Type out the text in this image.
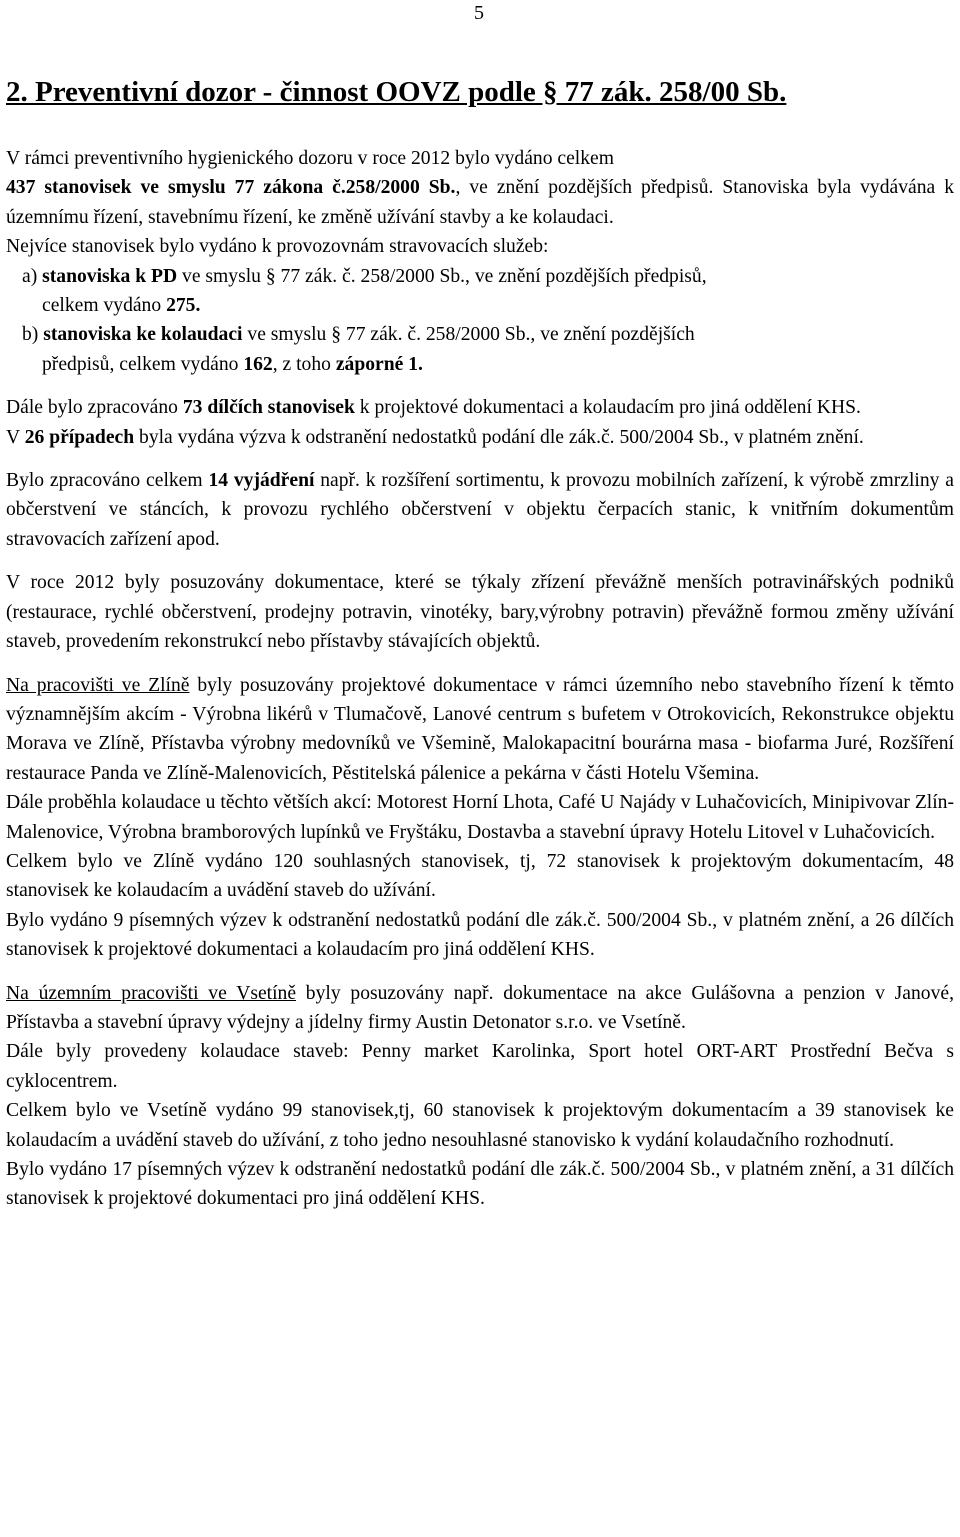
5
2. Preventivní dozor - činnost OOVZ podle § 77 zák. 258/00 Sb.

V rámci preventivního hygienického dozoru v roce 2012 bylo vydáno celkem
437 stanovisek ve smyslu 77 zákona č.258/2000 Sb., ve znění pozdějších předpisů. Stanoviska byla vydávána k územnímu řízení, stavebnímu řízení, ke změně užívání stavby a ke kolaudaci.

Nejvíce stanovisek bylo vydáno k provozovnám stravovacích služeb:

a) stanoviska k PD ve smyslu § 77 zák. č. 258/2000 Sb., ve znění pozdějších předpisů,

celkem vydáno 275.

b) stanoviska ke kolaudaci ve smyslu § 77 zák. č. 258/2000 Sb., ve znění pozdějších

předpisů, celkem vydáno 162, z toho záporné 1.

Dále bylo zpracováno 73 dílčích stanovisek k projektové dokumentaci a kolaudacím pro jiná oddělení KHS.

V 26 případech byla vydána výzva k odstranění nedostatků podání dle zák.č. 500/2004 Sb., v platném znění.

Bylo zpracováno celkem 14 vyjádření např. k rozšíření sortimentu, k provozu mobilních zařízení, k výrobě zmrzliny a občerstvení ve stáncích, k provozu rychlého občerstvení v objektu čerpacích stanic, k vnitřním dokumentům stravovacích zařízení apod.

V roce 2012 byly posuzovány dokumentace, které se týkaly zřízení převážně menších potravinářských podniků (restaurace, rychlé občerstvení, prodejny potravin, vinotéky, bary,výrobny potravin) převážně formou změny užívání staveb, provedením rekonstrukcí nebo přístavby stávajících objektů.

Na pracovišti ve Zlíně byly posuzovány projektové dokumentace v rámci územního nebo stavebního řízení k těmto významnějším akcím - Výrobna likérů v Tlumačově, Lanové centrum s bufetem v Otrokovicích, Rekonstrukce objektu Morava ve Zlíně, Přístavba výrobny medovníků ve Všemině, Malokapacitní bourárna masa - biofarma Juré, Rozšíření restaurace Panda ve Zlíně-Malenovicích, Pěstitelská pálenice a pekárna v části Hotelu Všemina.

Dále proběhla kolaudace u těchto větších akcí: Motorest Horní Lhota, Café U Najády v Luhačovicích, Minipivovar Zlín-Malenovice, Výrobna bramborových lupínků ve Fryštáku, Dostavba a stavební úpravy Hotelu Litovel v Luhačovicích.

Celkem bylo ve Zlíně vydáno 120 souhlasných stanovisek, tj, 72 stanovisek k projektovým dokumentacím, 48 stanovisek ke kolaudacím a uvádění staveb do užívání.

Bylo vydáno 9 písemných výzev k odstranění nedostatků podání dle zák.č. 500/2004 Sb., v platném znění, a 26 dílčích stanovisek k projektové dokumentaci a kolaudacím pro jiná oddělení KHS.

Na územním pracovišti ve Vsetíně byly posuzovány např. dokumentace na akce Gulášovna a penzion v Janové, Přístavba a stavební úpravy výdejny a jídelny firmy Austin Detonator s.r.o. ve Vsetíně.

Dále byly provedeny kolaudace staveb: Penny market Karolinka, Sport hotel ORT-ART Prostřední Bečva s cyklocentrem.

Celkem bylo ve Vsetíně vydáno 99 stanovisek,tj, 60 stanovisek k projektovým dokumentacím a 39 stanovisek ke kolaudacím a uvádění staveb do užívání, z toho jedno nesouhlasné stanovisko k vydání kolaudačního rozhodnutí.

Bylo vydáno 17 písemných výzev k odstranění nedostatků podání dle zák.č. 500/2004 Sb., v platném znění, a 31 dílčích stanovisek k projektové dokumentaci pro jiná oddělení KHS.
